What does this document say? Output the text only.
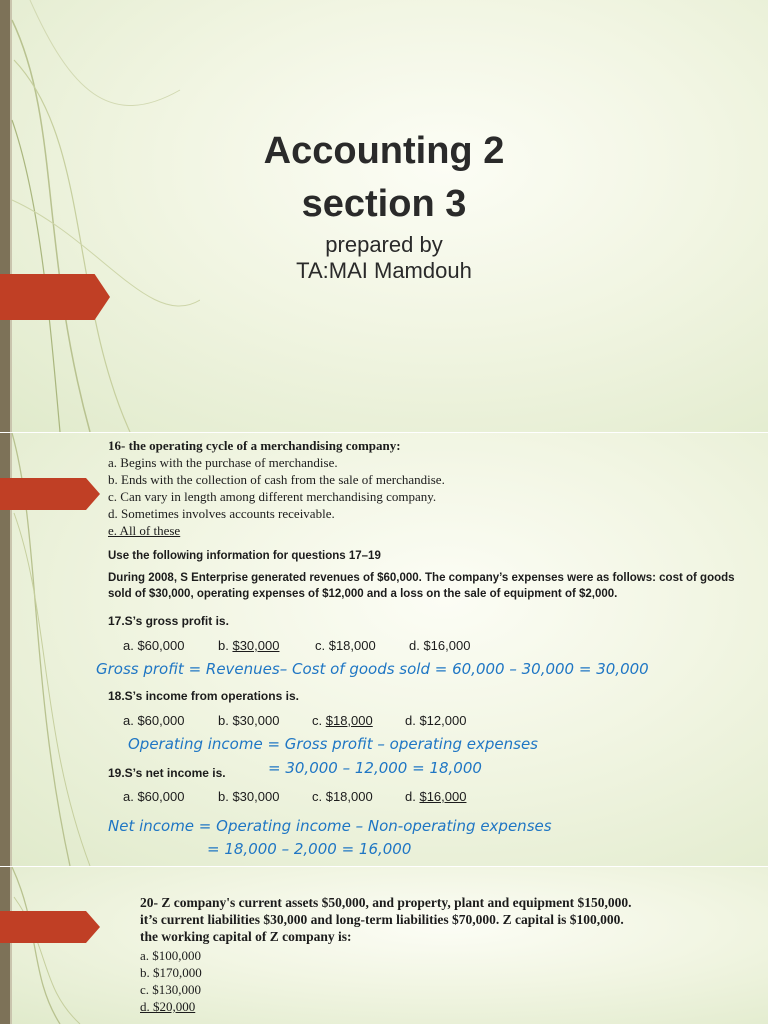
Accounting 2
section 3
prepared by
TA:MAI Mamdouh
16- the operating cycle of a merchandising company:
a. Begins with the purchase of merchandise.
b. Ends with the collection of cash from the sale of merchandise.
c. Can vary in length among different merchandising company.
d. Sometimes involves accounts receivable.
e. All of these
Use the following information for questions 17–19
During 2008, S Enterprise generated revenues of $60,000. The company’s expenses were as follows: cost of goods sold of $30,000, operating expenses of $12,000 and a loss on the sale of equipment of $2,000.
17.S’s gross profit is.
a. $60,000	b. $30,000	c. $18,000	d. $16,000
Gross profit = Revenues– Cost of goods sold = 60,000 – 30,000 = 30,000
18.S’s income from operations is.
a. $60,000	b. $30,000	c. $18,000 d. $12,000
Operating income = Gross profit – operating expenses
19.S’s net income is.	= 30,000 – 12,000 = 18,000
a. $60,000	b. $30,000	c. $18,000 d. $16,000
Net income = Operating income – Non-operating expenses
= 18,000 – 2,000 = 16,000
20- Z company's current assets $50,000, and property, plant and equipment $150,000.
it’s current liabilities $30,000 and long-term liabilities $70,000. Z capital is $100,000.
the working capital of Z company is:
a. $100,000
b. $170,000
c. $130,000
d. $20,000
